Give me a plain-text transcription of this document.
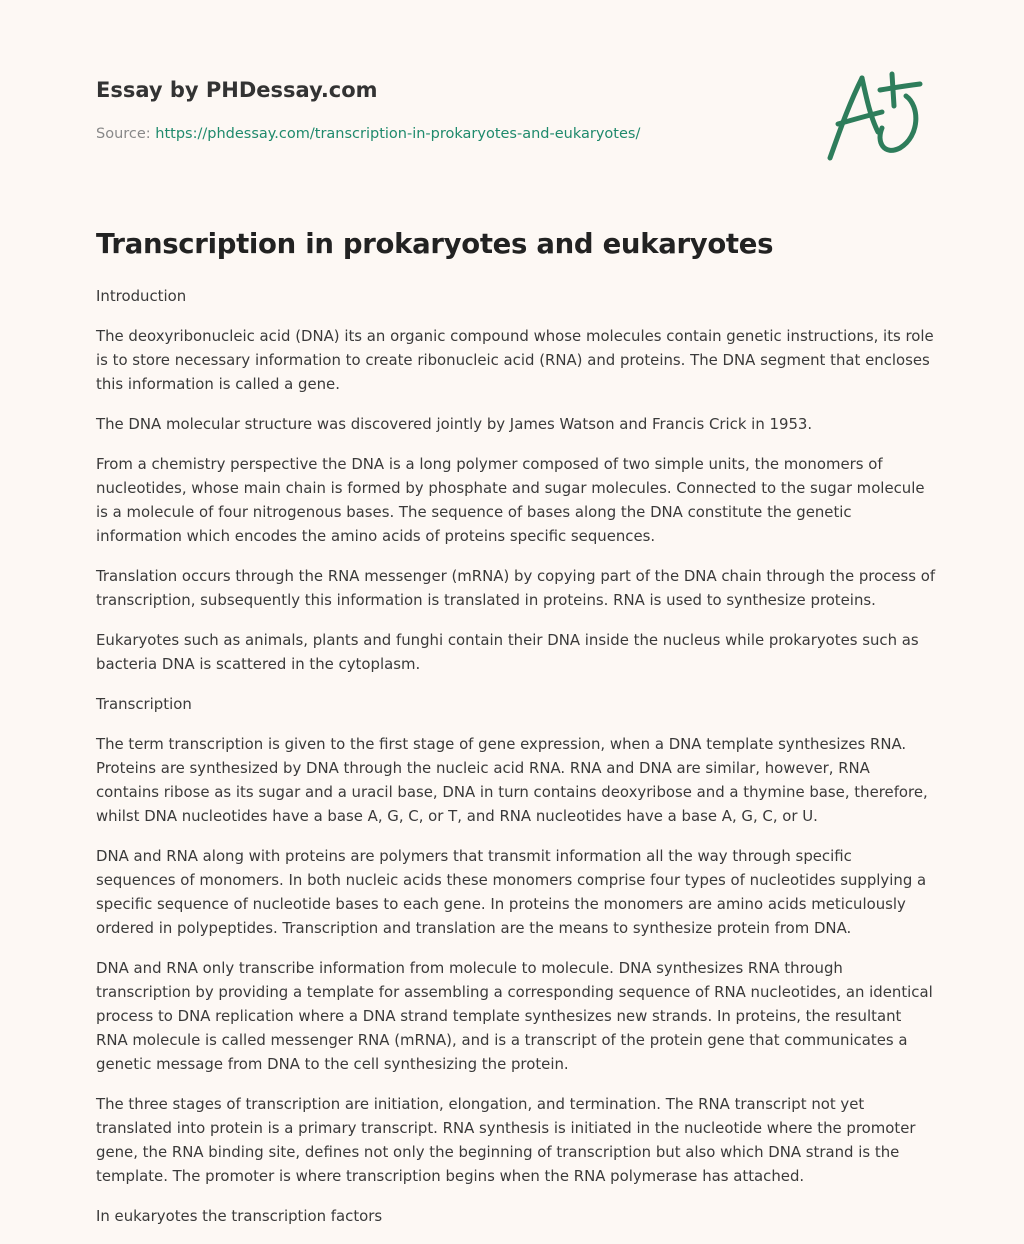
Essay by PHDessay.com
Source: https://phdessay.com/transcription-in-prokaryotes-and-eukaryotes/
Transcription in prokaryotes and eukaryotes

Introduction

The deoxyribonucleic acid (DNA) its an organic compound whose molecules contain genetic instructions, its role is to store necessary information to create ribonucleic acid (RNA) and proteins. The DNA segment that encloses this information is called a gene.

The DNA molecular structure was discovered jointly by James Watson and Francis Crick in 1953.

From a chemistry perspective the DNA is a long polymer composed of two simple units, the monomers of nucleotides, whose main chain is formed by phosphate and sugar molecules. Connected to the sugar molecule is a molecule of four nitrogenous bases. The sequence of bases along the DNA constitute the genetic information which encodes the amino acids of proteins specific sequences.

Translation occurs through the RNA messenger (mRNA) by copying part of the DNA chain through the process of transcription, subsequently this information is translated in proteins. RNA is used to synthesize proteins.

Eukaryotes such as animals, plants and funghi contain their DNA inside the nucleus while prokaryotes such as bacteria DNA is scattered in the cytoplasm.

Transcription

The term transcription is given to the first stage of gene expression, when a DNA template synthesizes RNA. Proteins are synthesized by DNA through the nucleic acid RNA. RNA and DNA are similar, however, RNA contains ribose as its sugar and a uracil base, DNA in turn contains deoxyribose and a thymine base, therefore, whilst DNA nucleotides have a base A, G, C, or T, and RNA nucleotides have a base A, G, C, or U.

DNA and RNA along with proteins are polymers that transmit information all the way through specific sequences of monomers. In both nucleic acids these monomers comprise four types of nucleotides supplying a specific sequence of nucleotide bases to each gene. In proteins the monomers are amino acids meticulously ordered in polypeptides. Transcription and translation are the means to synthesize protein from DNA.

DNA and RNA only transcribe information from molecule to molecule. DNA synthesizes RNA through transcription by providing a template for assembling a corresponding sequence of RNA nucleotides, an identical process to DNA replication where a DNA strand template synthesizes new strands. In proteins, the resultant RNA molecule is called messenger RNA (mRNA), and is a transcript of the protein gene that communicates a genetic message from DNA to the cell synthesizing the protein.

The three stages of transcription are initiation, elongation, and termination. The RNA transcript not yet translated into protein is a primary transcript. RNA synthesis is initiated in the nucleotide where the promoter gene, the RNA binding site, defines not only the beginning of transcription but also which DNA strand is the template. The promoter is where transcription begins when the RNA polymerase has attached.

In eukaryotes the transcription factors
